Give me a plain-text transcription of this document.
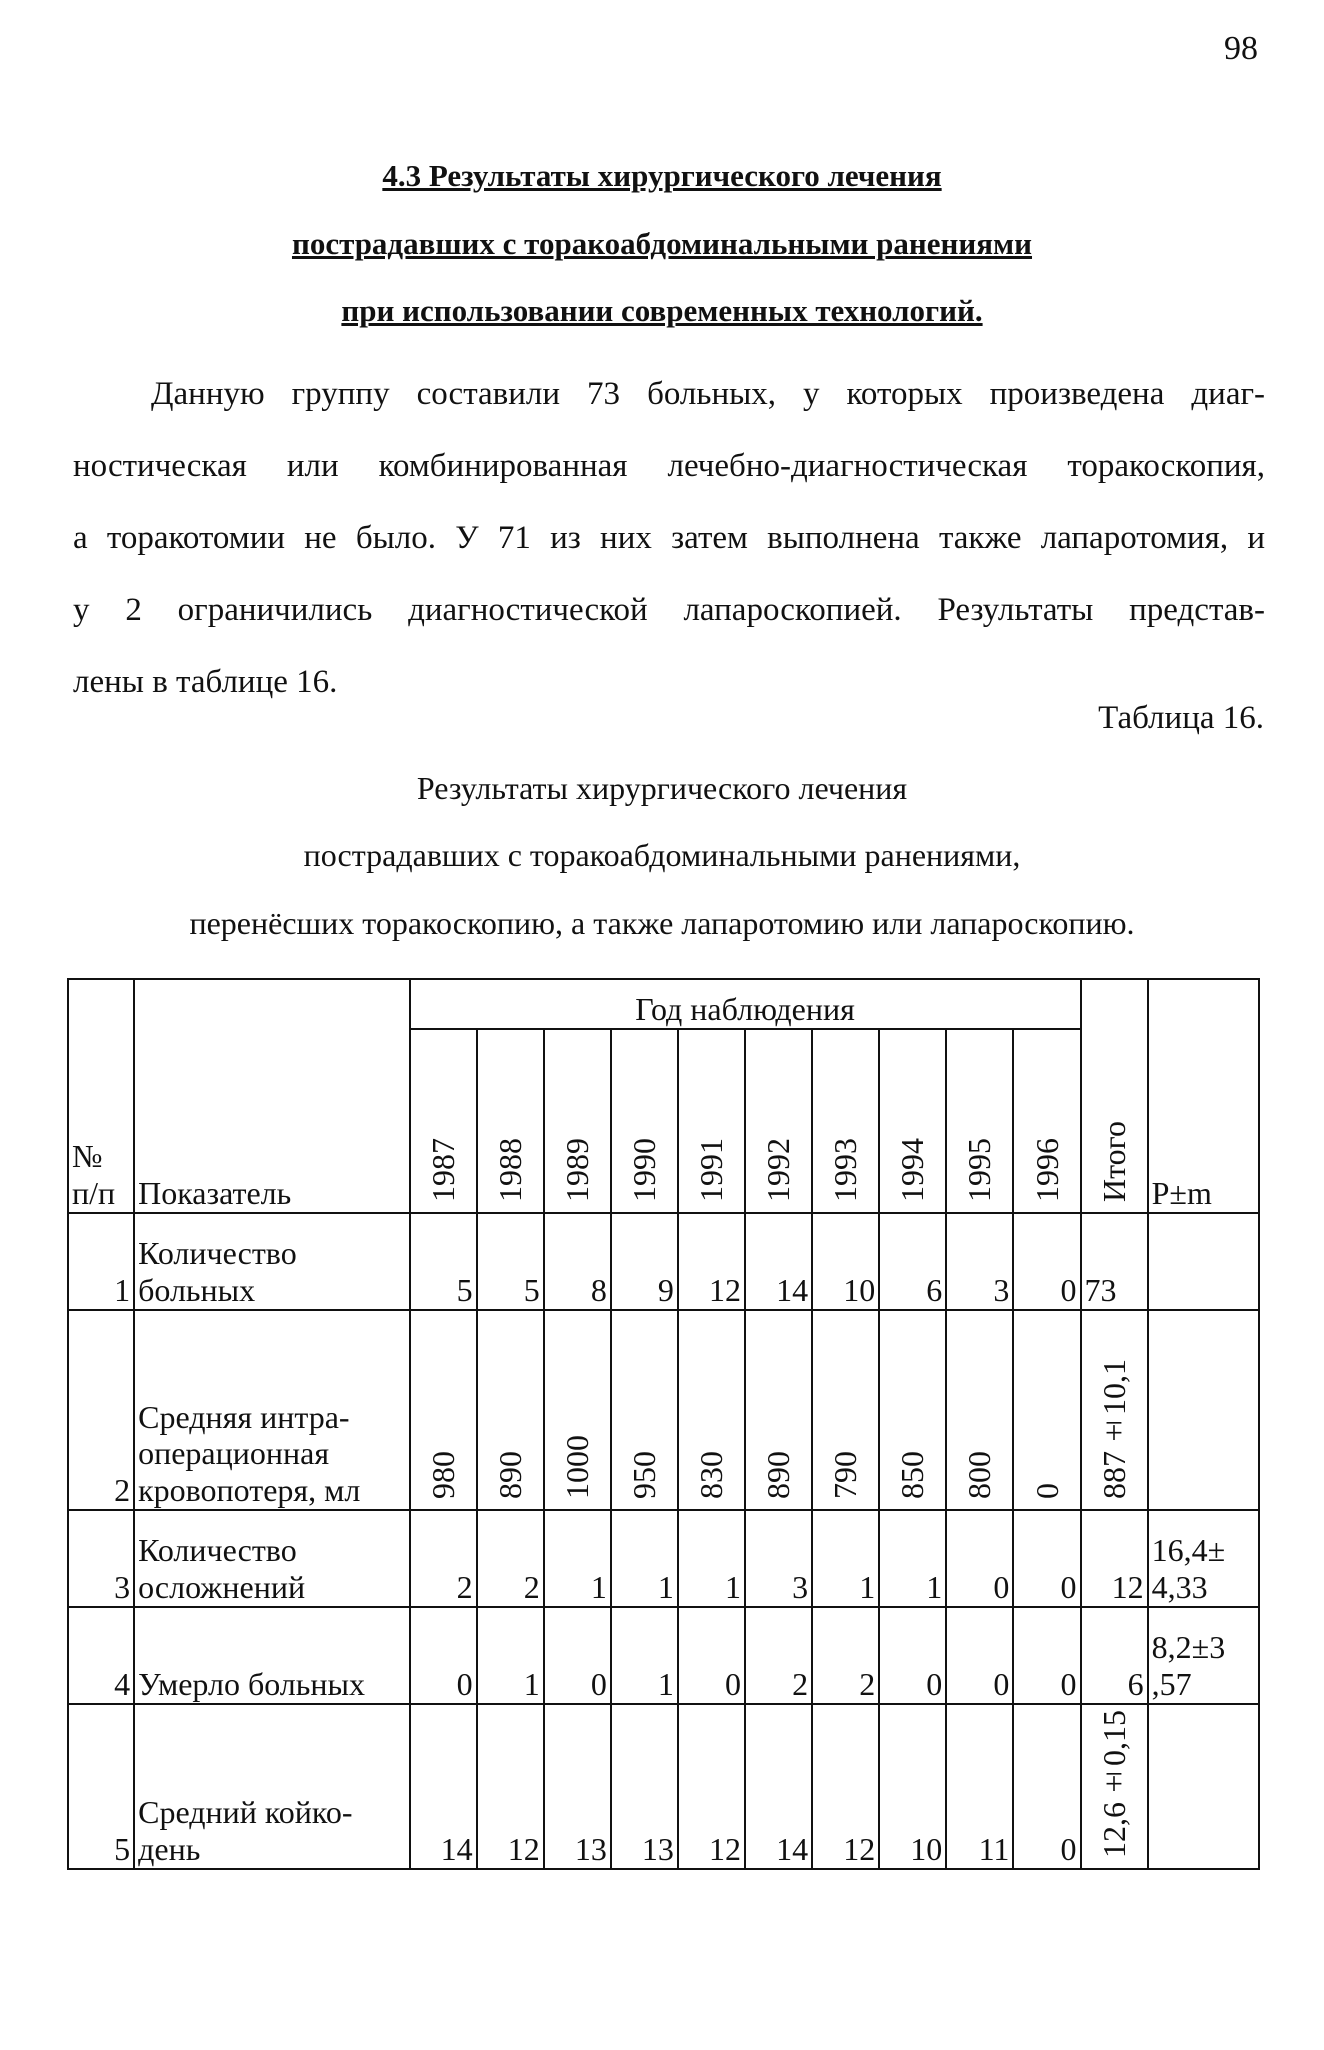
98
4.3 Результаты хирургического лечения
пострадавших с торакоабдоминальными ранениями
при использовании современных технологий.
Данную группу составили 73 больных, у которых произведена диаг-
ностическая или комбинированная лечебно-диагностическая торакоскопия,
а торакотомии не было. У 71 из них затем выполнена также лапаротомия, и
у 2 ограничились диагностической лапароскопией. Результаты представ-
лены в таблице 16.
Таблица 16.
Результаты хирургического лечения
пострадавших с торакоабдоминальными ранениями,
перенёсших торакоскопию, а также лапаротомию или лапароскопию.
№ п/п	Показатель	Год наблюдения										Итого	P±m
		1987	1988	1989	1990	1991	1992	1993	1994	1995	1996		
1	Количество больных	5	5	8	9	12	14	10	6	3	0	73	
2	Средняя интра-операционная кровопотеря, мл	980	890	1000	950	830	890	790	850	800	0	887±10,1	
3	Количество осложнений	2	2	1	1	1	3	1	1	0	0	12	16,4± 4,33
4	Умерло больных	0	1	0	1	0	2	2	0	0	0	6	8,2±3 ,57
5	Средний койко-день	14	12	13	13	12	14	12	10	11	0	12,6±0,15	
